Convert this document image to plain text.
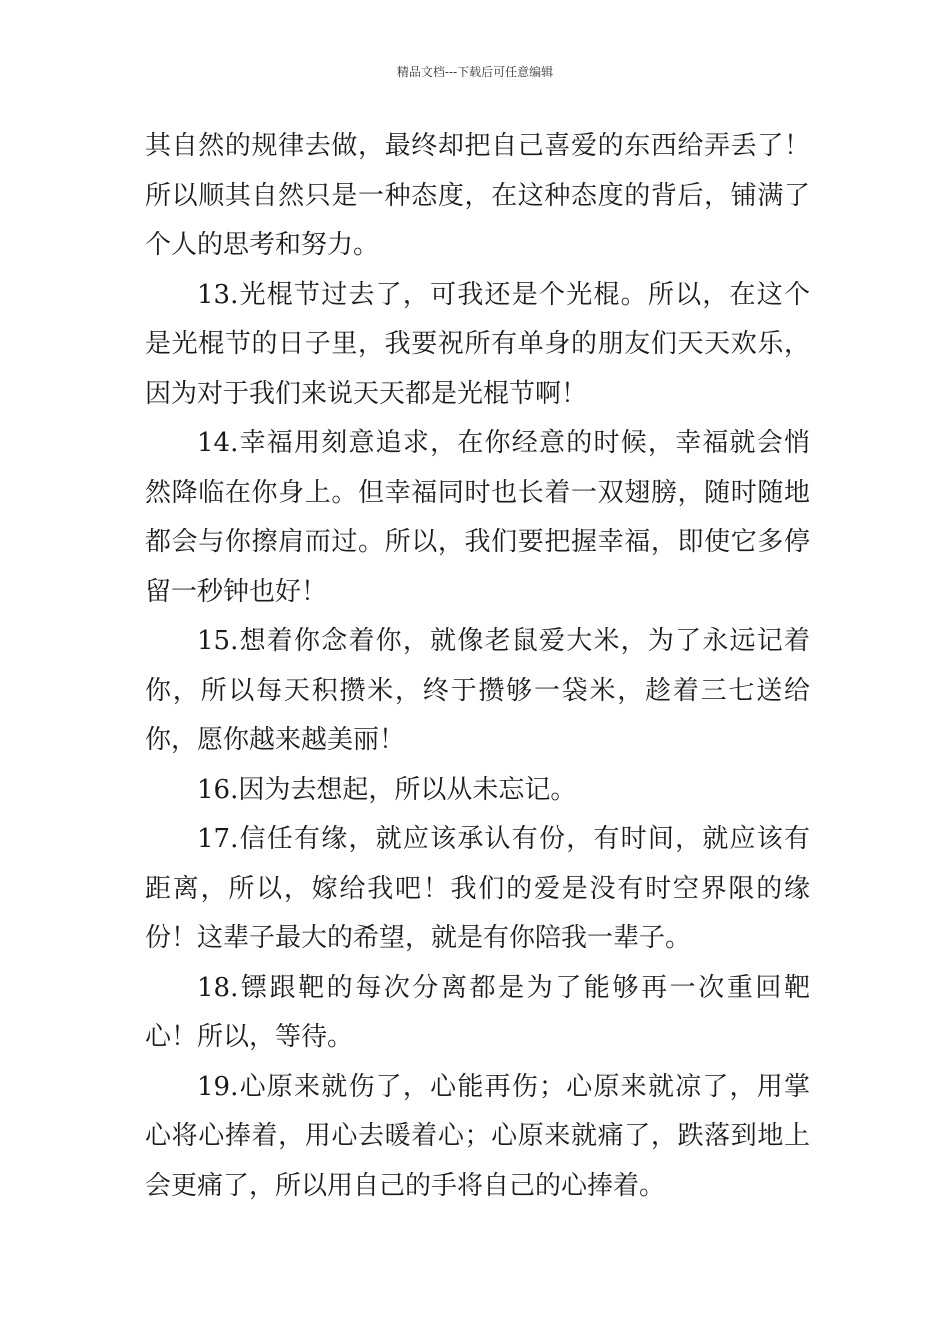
精品文档---下载后可任意编辑

其自然的规律去做，最终却把自己喜爱的东西给弄丢了！所以顺其自然只是一种态度，在这种态度的背后，铺满了个人的思考和努力。

13.光棍节过去了，可我还是个光棍。所以，在这个是光棍节的日子里，我要祝所有单身的朋友们天天欢乐，因为对于我们来说天天都是光棍节啊！

14.幸福用刻意追求，在你经意的时候，幸福就会悄然降临在你身上。但幸福同时也长着一双翅膀，随时随地都会与你擦肩而过。所以，我们要把握幸福，即使它多停留一秒钟也好！

15.想着你念着你，就像老鼠爱大米，为了永远记着你，所以每天积攒米，终于攒够一袋米，趁着三七送给你，愿你越来越美丽！

16.因为去想起，所以从未忘记。

17.信任有缘，就应该承认有份，有时间，就应该有距离，所以，嫁给我吧！我们的爱是没有时空界限的缘份！这辈子最大的希望，就是有你陪我一辈子。

18.镖跟靶的每次分离都是为了能够再一次重回靶心！所以，等待。

19.心原来就伤了，心能再伤；心原来就凉了，用掌心将心捧着，用心去暖着心；心原来就痛了，跌落到地上会更痛了，所以用自己的手将自己的心捧着。
